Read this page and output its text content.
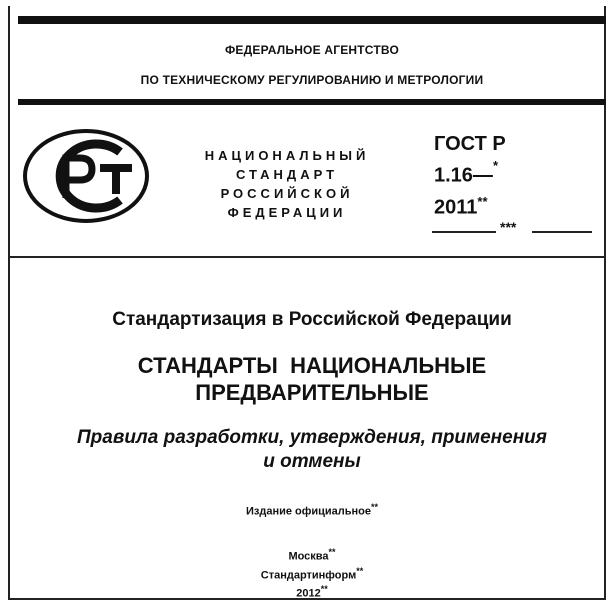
ФЕДЕРАЛЬНОЕ АГЕНТСТВО
ПО ТЕХНИЧЕСКОМУ РЕГУЛИРОВАНИЮ И МЕТРОЛОГИИ
НАЦИОНАЛЬНЫЙ
СТАНДАРТ
РОССИЙСКОЙ
ФЕДЕРАЦИИ
ГОСТ Р
1.16—*
2011**
***
Стандартизация в Российской Федерации
СТАНДАРТЫ  НАЦИОНАЛЬНЫЕ
ПРЕДВАРИТЕЛЬНЫЕ
Правила разработки, утверждения, применения
и отмены
Издание официальное**
Москва**
Стандартинформ**
2012**
